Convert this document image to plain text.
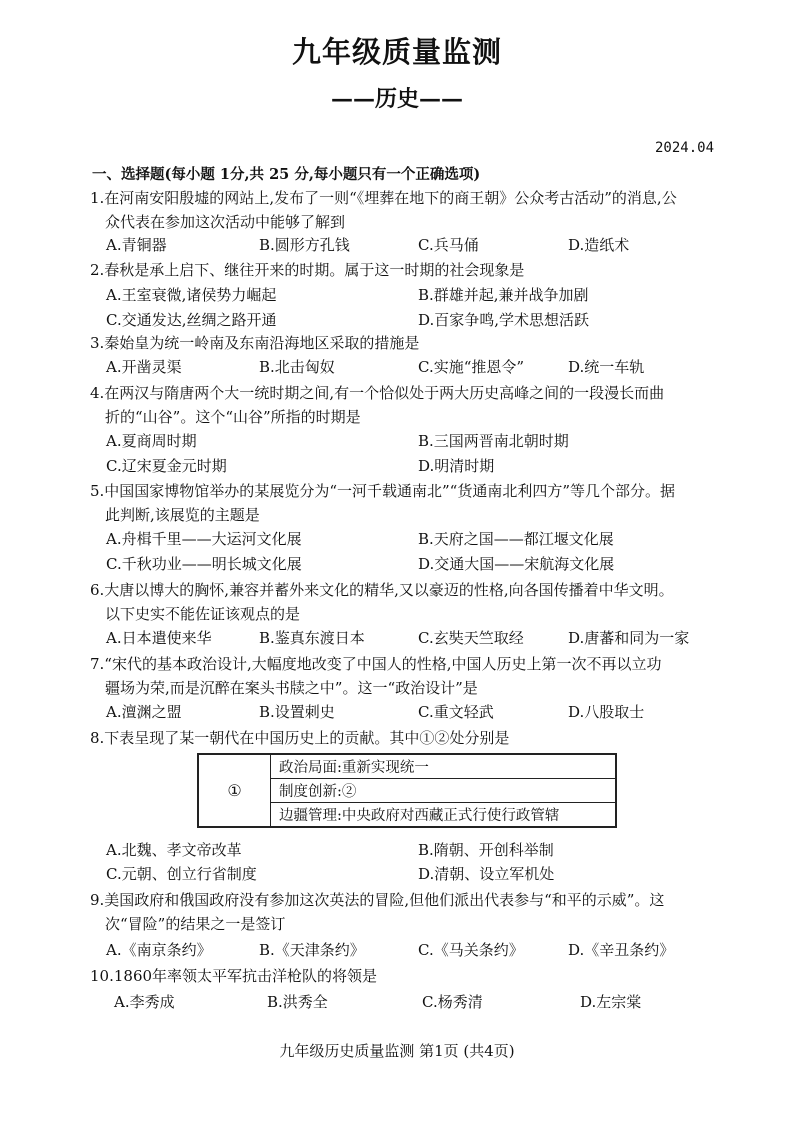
九年级质量监测
——历史——
2024.04
一、选择题(每小题 1分,共 25 分,每小题只有一个正确选项)
1.在河南安阳殷墟的网站上,发布了一则“《埋葬在地下的商王朝》公众考古活动”的消息,公
众代表在参加这次活动中能够了解到
A.青铜器	B.圆形方孔钱	C.兵马俑	D.造纸术
2.春秋是承上启下、继往开来的时期。属于这一时期的社会现象是
A.王室衰微,诸侯势力崛起	B.群雄并起,兼并战争加剧
C.交通发达,丝绸之路开通	D.百家争鸣,学术思想活跃
3.秦始皇为统一岭南及东南沿海地区采取的措施是
A.开凿灵渠	B.北击匈奴	C.实施“推恩令”	D.统一车轨
4.在两汉与隋唐两个大一统时期之间,有一个恰似处于两大历史高峰之间的一段漫长而曲
折的“山谷”。这个“山谷”所指的时期是
A.夏商周时期	B.三国两晋南北朝时期
C.辽宋夏金元时期	D.明清时期
5.中国国家博物馆举办的某展览分为“一河千载通南北”“货通南北利四方”等几个部分。据
此判断,该展览的主题是
A.舟楫千里——大运河文化展	B.天府之国——都江堰文化展
C.千秋功业——明长城文化展	D.交通大国——宋航海文化展
6.大唐以博大的胸怀,兼容并蓄外来文化的精华,又以豪迈的性格,向各国传播着中华文明。
以下史实不能佐证该观点的是
A.日本遣使来华	B.鉴真东渡日本	C.玄奘天竺取经	D.唐蕃和同为一家
7.“宋代的基本政治设计,大幅度地改变了中国人的性格,中国人历史上第一次不再以立功
疆场为荣,而是沉醉在案头书牍之中”。这一“政治设计”是
A.澶渊之盟	B.设置刺史	C.重文轻武	D.八股取士
8.下表呈现了某一朝代在中国历史上的贡献。其中①②处分别是
①	政治局面:重新实现统一
制度创新:②
边疆管理:中央政府对西藏正式行使行政管辖
A.北魏、孝文帝改革	B.隋朝、开创科举制
C.元朝、创立行省制度	D.清朝、设立军机处
9.美国政府和俄国政府没有参加这次英法的冒险,但他们派出代表参与“和平的示威”。这
次“冒险”的结果之一是签订
A.《南京条约》	B.《天津条约》	C.《马关条约》	D.《辛丑条约》
10.1860年率领太平军抗击洋枪队的将领是
A.李秀成	B.洪秀全	C.杨秀清	D.左宗棠
九年级历史质量监测 第1页 (共4页)
